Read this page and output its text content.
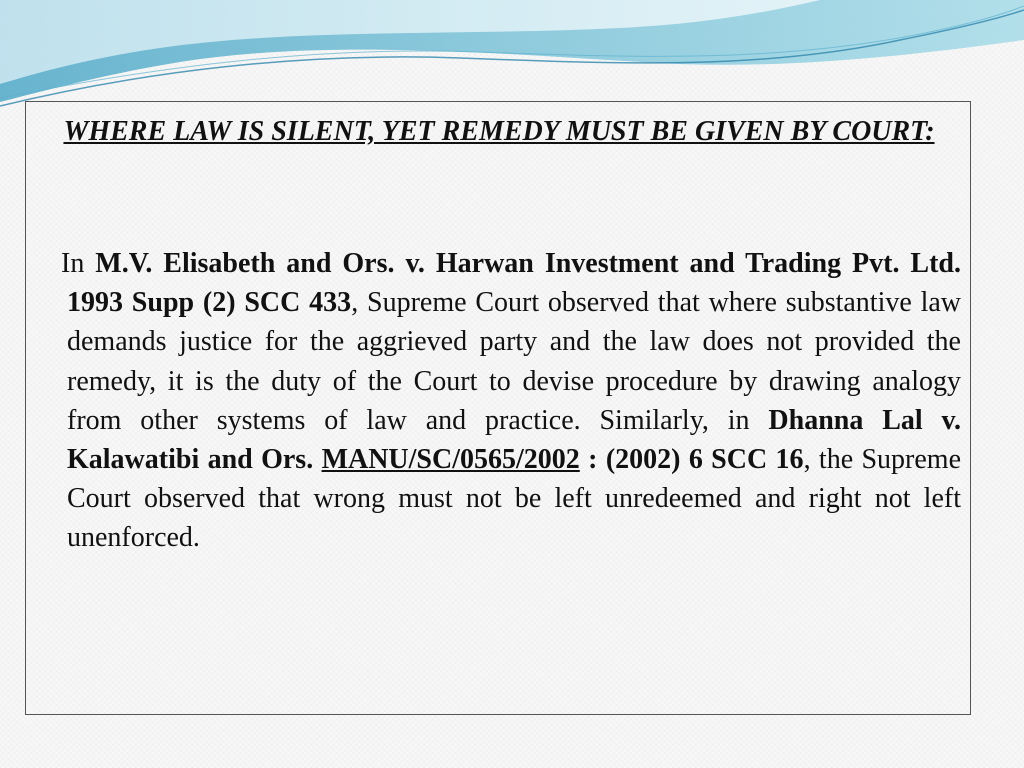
WHERE LAW IS SILENT, YET REMEDY MUST BE GIVEN BY COURT:

In M.V. Elisabeth and Ors. v. Harwan Investment and Trading Pvt. Ltd. 1993 Supp (2) SCC 433, Supreme Court observed that where substantive law demands justice for the aggrieved party and the law does not provided the remedy, it is the duty of the Court to devise procedure by drawing analogy from other systems of law and practice. Similarly, in Dhanna Lal v. Kalawatibi and Ors. MANU/SC/0565/2002 : (2002) 6 SCC 16, the Supreme Court observed that wrong must not be left unredeemed and right not left unenforced.
